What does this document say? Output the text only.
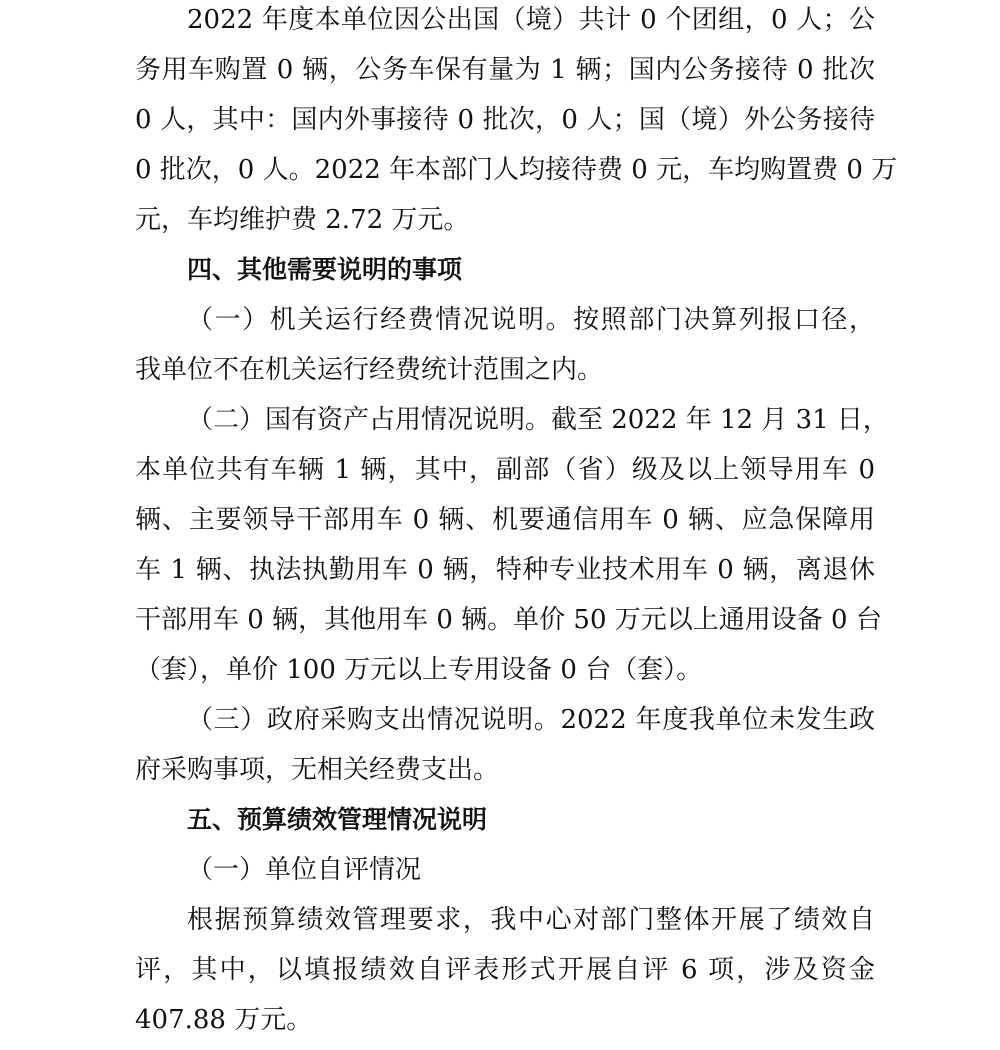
2022 年度本单位因公出国（境）共计 0 个团组，0 人；公
务用车购置 0 辆，公务车保有量为 1 辆；国内公务接待 0 批次
0 人，其中：国内外事接待 0 批次，0 人；国（境）外公务接待
0 批次，0 人。2022 年本部门人均接待费 0 元，车均购置费 0 万
元，车均维护费 2.72 万元。
四、其他需要说明的事项
（一）机关运行经费情况说明。按照部门决算列报口径，
我单位不在机关运行经费统计范围之内。
（二）国有资产占用情况说明。截至 2022 年 12 月 31 日，
本单位共有车辆 1 辆，其中，副部（省）级及以上领导用车 0
辆、主要领导干部用车 0 辆、机要通信用车 0 辆、应急保障用
车 1 辆、执法执勤用车 0 辆，特种专业技术用车 0 辆，离退休
干部用车 0 辆，其他用车 0 辆。单价 50 万元以上通用设备 0 台
（套），单价 100 万元以上专用设备 0 台（套）。
（三）政府采购支出情况说明。2022 年度我单位未发生政
府采购事项，无相关经费支出。
五、预算绩效管理情况说明
（一）单位自评情况
根据预算绩效管理要求，我中心对部门整体开展了绩效自
评，其中，以填报绩效自评表形式开展自评 6 项，涉及资金
407.88 万元。
